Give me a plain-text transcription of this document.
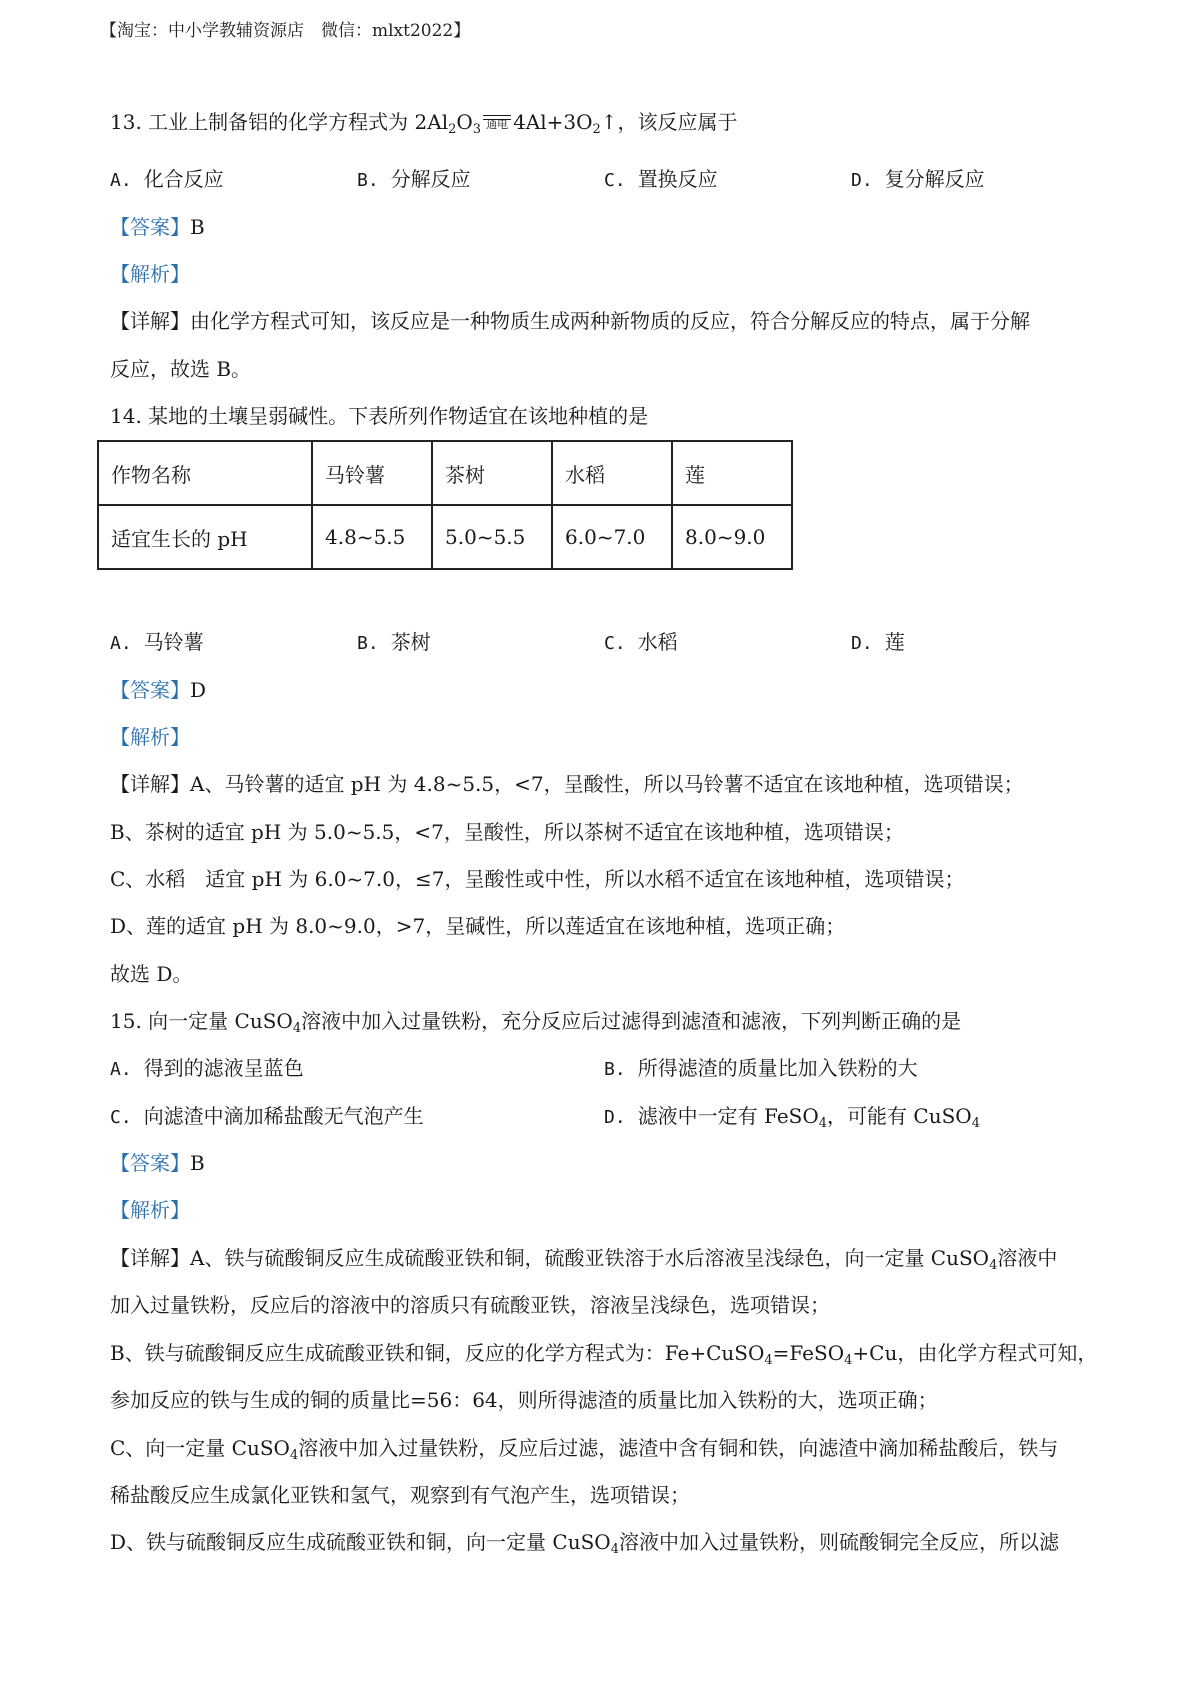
【淘宝：中小学教辅资源店　微信：mlxt2022】
13. 工业上制备铝的化学方程式为 $2Al_2O_3$ 通电 $4Al+3O_2↑$，该反应属于
A. 化合反应	B. 分解反应	C. 置换反应	D. 复分解反应
【答案】B
【解析】
【详解】由化学方程式可知，该反应是一种物质生成两种新物质的反应，符合分解反应的特点，属于分解
反应，故选 B。
14. 某地的土壤呈弱碱性。下表所列作物适宜在该地种植的是
作物名称	马铃薯	茶树	水稻	莲
适宜生长的 pH	4.8~5.5	5.0~5.5	6.0~7.0	8.0~9.0
A. 马铃薯	B. 茶树	C. 水稻	D. 莲
【答案】D
【解析】
【详解】A、马铃薯的适宜 pH 为 4.8~5.5，<7，呈酸性，所以马铃薯不适宜在该地种植，选项错误；
B、茶树的适宜 pH 为 5.0~5.5，<7，呈酸性，所以茶树不适宜在该地种植，选项错误；
C、水稻　适宜 pH 为 6.0~7.0，≤7，呈酸性或中性，所以水稻不适宜在该地种植，选项错误；
D、莲的适宜 pH 为 8.0~9.0，>7，呈碱性，所以莲适宜在该地种植，选项正确；
故选 D。
15. 向一定量 CuSO$_4$溶液中加入过量铁粉，充分反应后过滤得到滤渣和滤液，下列判断正确的是
A. 得到的滤液呈蓝色	B. 所得滤渣的质量比加入铁粉的大
C. 向滤渣中滴加稀盐酸无气泡产生	D. 滤液中一定有 FeSO$_4$，可能有 CuSO$_4$
【答案】B
【解析】
【详解】A、铁与硫酸铜反应生成硫酸亚铁和铜，硫酸亚铁溶于水后溶液呈浅绿色，向一定量 CuSO$_4$溶液中
加入过量铁粉，反应后的溶液中的溶质只有硫酸亚铁，溶液呈浅绿色，选项错误；
B、铁与硫酸铜反应生成硫酸亚铁和铜，反应的化学方程式为：Fe+CuSO$_4$=FeSO$_4$+Cu，由化学方程式可知，
参加反应的铁与生成的铜的质量比=56：64，则所得滤渣的质量比加入铁粉的大，选项正确；
C、向一定量 CuSO$_4$溶液中加入过量铁粉，反应后过滤，滤渣中含有铜和铁，向滤渣中滴加稀盐酸后，铁与
稀盐酸反应生成氯化亚铁和氢气，观察到有气泡产生，选项错误；
D、铁与硫酸铜反应生成硫酸亚铁和铜，向一定量 CuSO$_4$溶液中加入过量铁粉，则硫酸铜完全反应，所以滤
